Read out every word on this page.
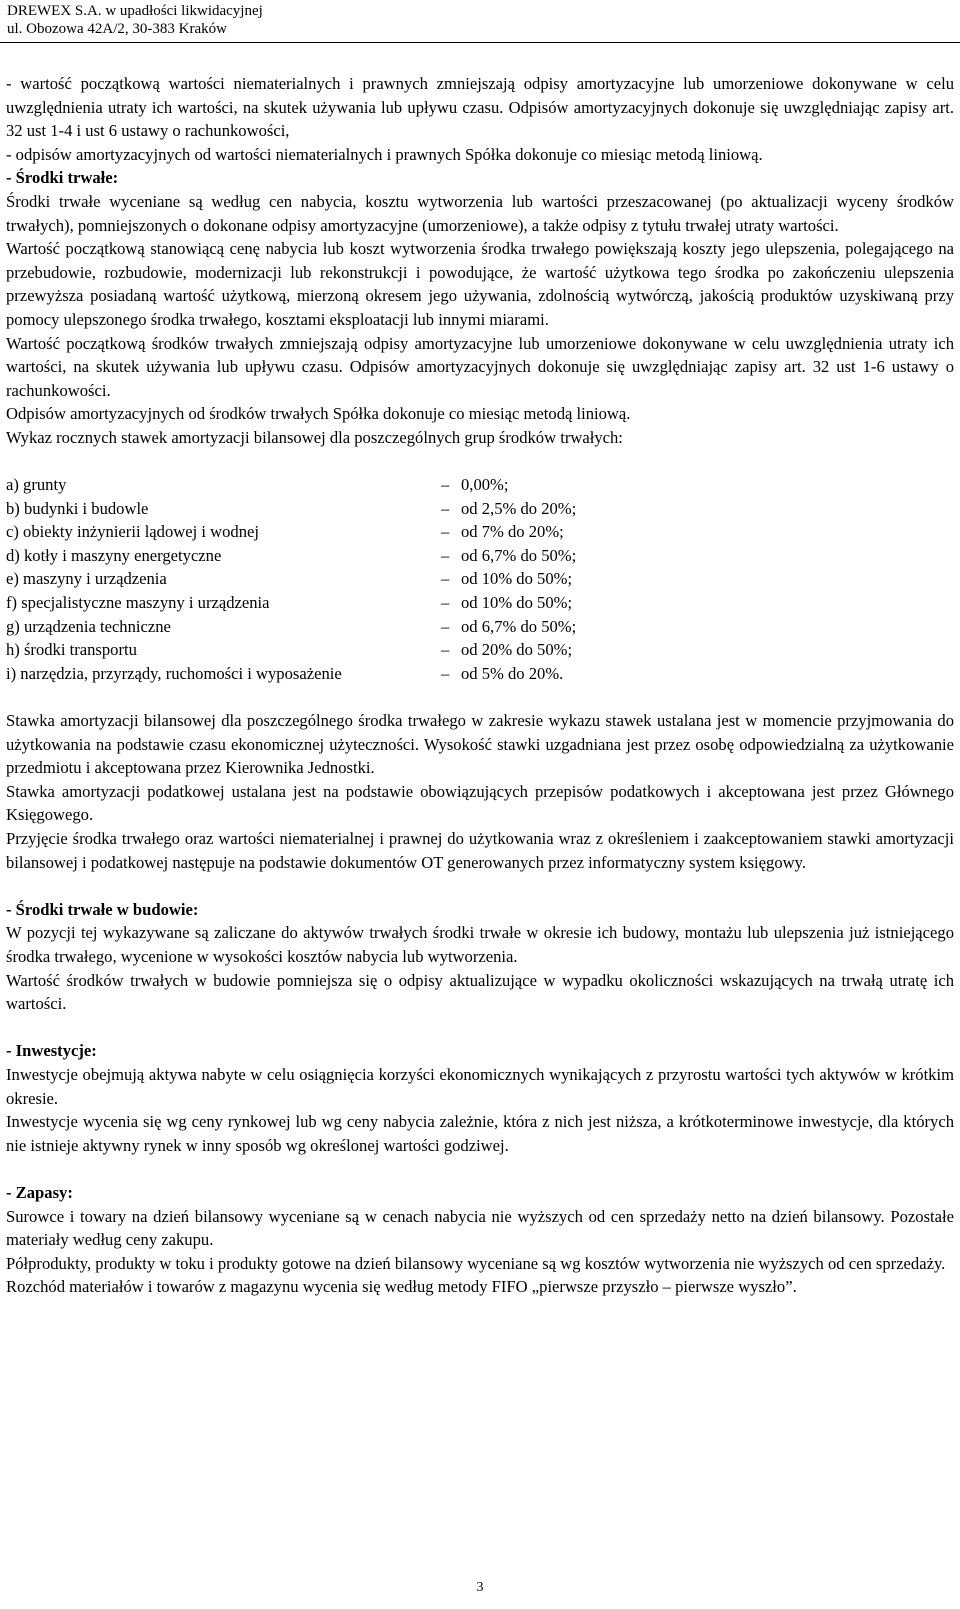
DREWEX S.A. w upadłości likwidacyjnej
ul. Obozowa 42A/2, 30-383 Kraków

- wartość początkową wartości niematerialnych i prawnych zmniejszają odpisy amortyzacyjne lub umorzeniowe dokonywane w celu uwzględnienia utraty ich wartości, na skutek używania lub upływu czasu. Odpisów amortyzacyjnych dokonuje się uwzględniając zapisy art. 32 ust 1-4 i ust 6 ustawy o rachunkowości,

- odpisów amortyzacyjnych od wartości niematerialnych i prawnych Spółka dokonuje co miesiąc metodą liniową.

- Środki trwałe:

Środki trwałe wyceniane są według cen nabycia, kosztu wytworzenia lub wartości przeszacowanej (po aktualizacji wyceny środków trwałych), pomniejszonych o dokonane odpisy amortyzacyjne (umorzeniowe), a także odpisy z tytułu trwałej utraty wartości.

Wartość początkową stanowiącą cenę nabycia lub koszt wytworzenia środka trwałego powiększają koszty jego ulepszenia, polegającego na przebudowie, rozbudowie, modernizacji lub rekonstrukcji i powodujące, że wartość użytkowa tego środka po zakończeniu ulepszenia przewyższa posiadaną wartość użytkową, mierzoną okresem jego używania, zdolnością wytwórczą, jakością produktów uzyskiwaną przy pomocy ulepszonego środka trwałego, kosztami eksploatacji lub innymi miarami.

Wartość początkową środków trwałych zmniejszają odpisy amortyzacyjne lub umorzeniowe dokonywane w celu uwzględnienia utraty ich wartości, na skutek używania lub upływu czasu. Odpisów amortyzacyjnych dokonuje się uwzględniając zapisy art. 32 ust 1-6 ustawy o rachunkowości.

Odpisów amortyzacyjnych od środków trwałych Spółka dokonuje co miesiąc metodą liniową.

Wykaz rocznych stawek amortyzacji bilansowej dla poszczególnych grup środków trwałych:

a) grunty	– 0,00%;
b) budynki i budowle	– od 2,5% do 20%;
c) obiekty inżynierii lądowej i wodnej	– od 7% do 20%;
d) kotły i maszyny energetyczne	– od 6,7% do 50%;
e) maszyny i urządzenia	– od 10% do 50%;
f) specjalistyczne maszyny i urządzenia	– od 10% do 50%;
g) urządzenia techniczne	– od 6,7% do 50%;
h) środki transportu	– od 20% do 50%;
i) narzędzia, przyrządy, ruchomości i wyposażenie	– od 5% do 20%.

Stawka amortyzacji bilansowej dla poszczególnego środka trwałego w zakresie wykazu stawek ustalana jest w momencie przyjmowania do użytkowania na podstawie czasu ekonomicznej użyteczności. Wysokość stawki uzgadniana jest przez osobę odpowiedzialną za użytkowanie przedmiotu i akceptowana przez Kierownika Jednostki.

Stawka amortyzacji podatkowej ustalana jest na podstawie obowiązujących przepisów podatkowych i akceptowana jest przez Głównego Księgowego.

Przyjęcie środka trwałego oraz wartości niematerialnej i prawnej do użytkowania wraz z określeniem i zaakceptowaniem stawki amortyzacji bilansowej i podatkowej następuje na podstawie dokumentów OT generowanych przez informatyczny system księgowy.

- Środki trwałe w budowie:

W pozycji tej wykazywane są zaliczane do aktywów trwałych środki trwałe w okresie ich budowy, montażu lub ulepszenia już istniejącego środka trwałego, wycenione w wysokości kosztów nabycia lub wytworzenia.

Wartość środków trwałych w budowie pomniejsza się o odpisy aktualizujące w wypadku okoliczności wskazujących na trwałą utratę ich wartości.

- Inwestycje:

Inwestycje obejmują aktywa nabyte w celu osiągnięcia korzyści ekonomicznych wynikających z przyrostu wartości tych aktywów w krótkim okresie.

Inwestycje wycenia się wg ceny rynkowej lub wg ceny nabycia zależnie, która z nich jest niższa, a krótkoterminowe inwestycje, dla których nie istnieje aktywny rynek w inny sposób wg określonej wartości godziwej.

- Zapasy:

Surowce i towary na dzień bilansowy wyceniane są w cenach nabycia nie wyższych od cen sprzedaży netto na dzień bilansowy. Pozostałe materiały według ceny zakupu.

Półprodukty, produkty w toku i produkty gotowe na dzień bilansowy wyceniane są wg kosztów wytworzenia nie wyższych od cen sprzedaży.

Rozchód materiałów i towarów z magazynu wycenia się według metody FIFO „pierwsze przyszło – pierwsze wyszło”.

3
